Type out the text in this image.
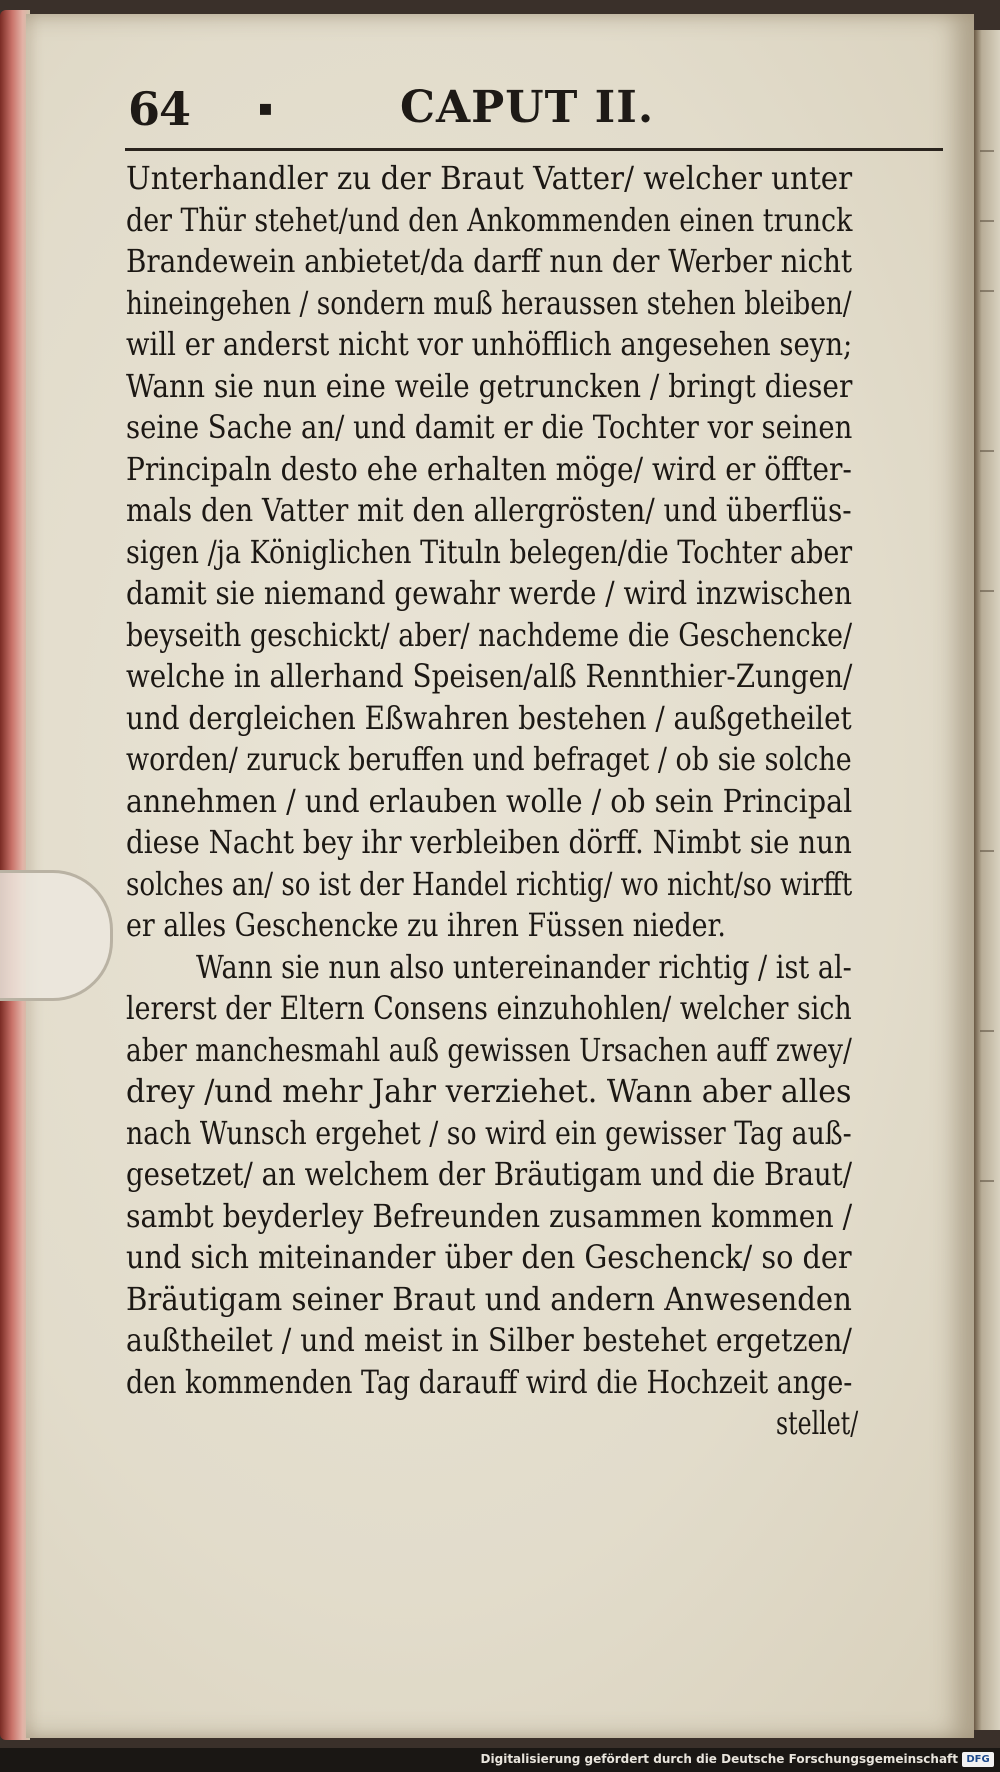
64	▪	CAPUT II.
Unterhandler zu der Braut Vatter/ welcher unter
der Thür stehet/und den Ankommenden einen trunck
Brandewein anbietet/da darff nun der Werber nicht
hineingehen / sondern muß heraussen stehen bleiben/
will er anderst nicht vor unhöfflich angesehen seyn;
Wann sie nun eine weile getruncken / bringt dieser
seine Sache an/ und damit er die Tochter vor seinen
Principaln desto ehe erhalten möge/ wird er öffter-
mals den Vatter mit den allergrösten/ und überflüs-
sigen /ja Königlichen Tituln belegen/die Tochter aber
damit sie niemand gewahr werde / wird inzwischen
beyseith geschickt/ aber/ nachdeme die Geschencke/
welche in allerhand Speisen/alß Rennthier-Zungen/
und dergleichen Eßwahren bestehen / außgetheilet
worden/ zuruck beruffen und befraget / ob sie solche
annehmen / und erlauben wolle / ob sein Principal
diese Nacht bey ihr verbleiben dörff. Nimbt sie nun
solches an/ so ist der Handel richtig/ wo nicht/so wirfft
er alles Geschencke zu ihren Füssen nieder.
Wann sie nun also untereinander richtig / ist al-
lererst der Eltern Consens einzuhohlen/ welcher sich
aber manchesmahl auß gewissen Ursachen auff zwey/
drey /und mehr Jahr verziehet. Wann aber alles
nach Wunsch ergehet / so wird ein gewisser Tag auß-
gesetzet/ an welchem der Bräutigam und die Braut/
sambt beyderley Befreunden zusammen kommen /
und sich miteinander über den Geschenck/ so der
Bräutigam seiner Braut und andern Anwesenden
außtheilet / und meist in Silber bestehet ergetzen/
den kommenden Tag darauff wird die Hochzeit ange-
stellet/
Digitalisierung gefördert durch die Deutsche Forschungsgemeinschaft DFG
